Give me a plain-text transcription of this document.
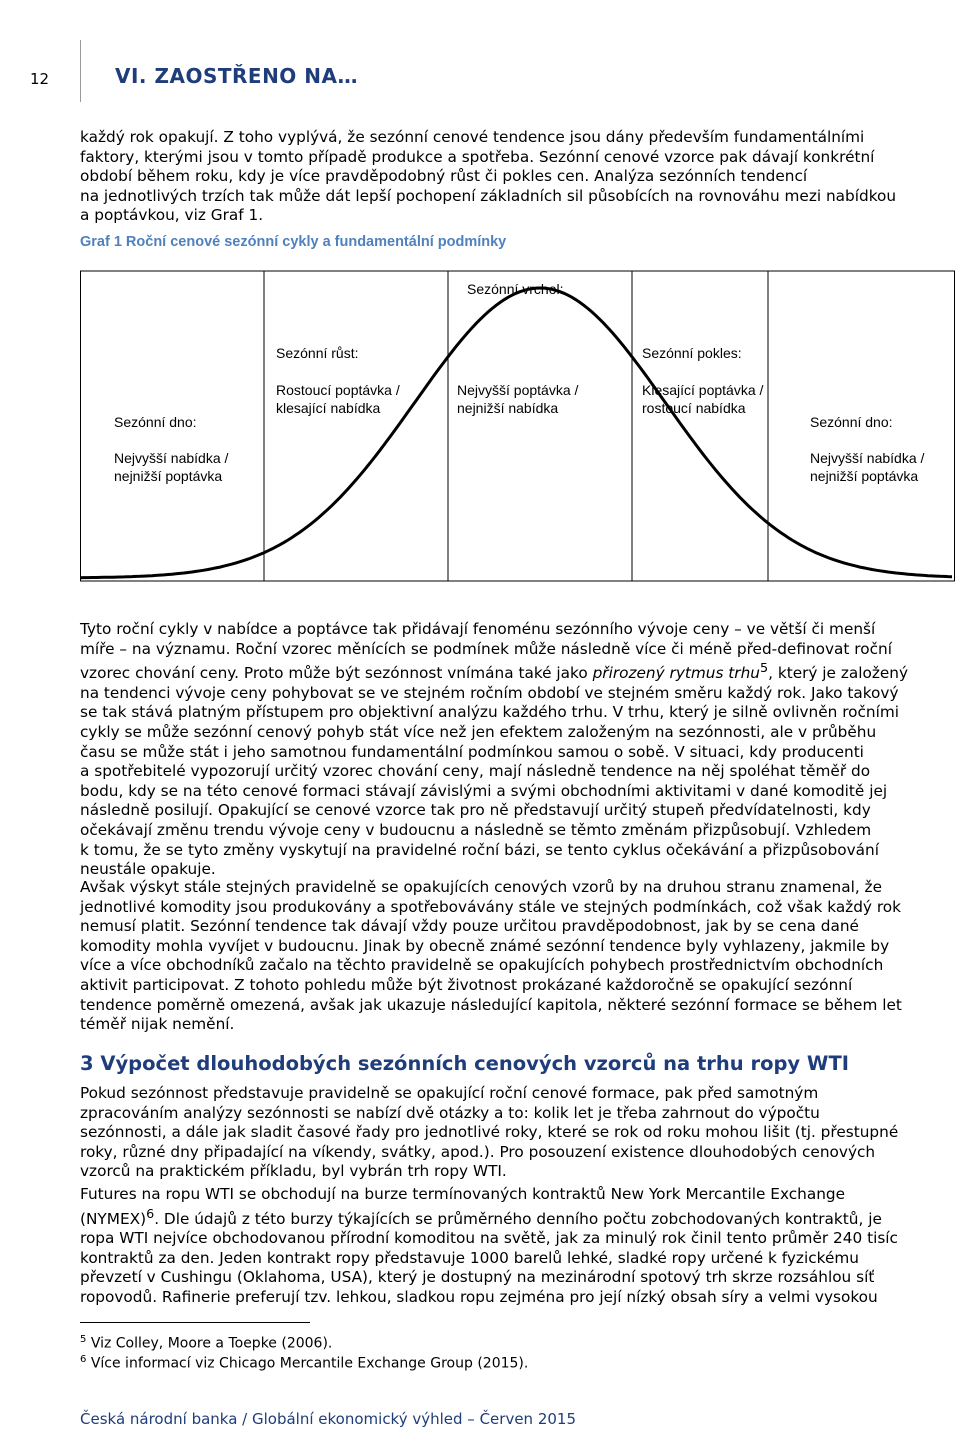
12	VI. ZAOSTŘENO NA…
každý rok opakují. Z toho vyplývá, že sezónní cenové tendence jsou dány především fundamentálními
faktory, kterými jsou v tomto případě produkce a spotřeba. Sezónní cenové vzorce pak dávají konkrétní
období během roku, kdy je více pravděpodobný růst či pokles cen. Analýza sezónních tendencí
na jednotlivých trzích tak může dát lepší pochopení základních sil působících na rovnováhu mezi nabídkou
a poptávkou, viz Graf 1.
Graf 1 Roční cenové sezónní cykly a fundamentální podmínky
Sezónní vrchol:
Sezónní růst:	Sezónní pokles:
Rostoucí poptávka /
klesající nabídka
Nejvyšší poptávka /
nejnižší nabídka
Klesající poptávka /
rostoucí nabídka
Sezónní dno:	Sezónní dno:
Nejvyšší nabídka /
nejnižší poptávka
Nejvyšší nabídka /
nejnižší poptávka
Tyto roční cykly v nabídce a poptávce tak přidávají fenoménu sezónního vývoje ceny – ve větší či menší
míře – na významu. Roční vzorec měnících se podmínek může následně více či méně před-definovat roční
vzorec chování ceny. Proto může být sezónnost vnímána také jako přirozený rytmus trhu$^5$, který je založený
na tendenci vývoje ceny pohybovat se ve stejném ročním období ve stejném směru každý rok. Jako takový
se tak stává platným přístupem pro objektivní analýzu každého trhu. V trhu, který je silně ovlivněn ročními
cykly se může sezónní cenový pohyb stát více než jen efektem založeným na sezónnosti, ale v průběhu
času se může stát i jeho samotnou fundamentální podmínkou samou o sobě. V situaci, kdy producenti
a spotřebitelé vypozorují určitý vzorec chování ceny, mají následně tendence na něj spoléhat těměř do
bodu, kdy se na této cenové formaci stávají závislými a svými obchodními aktivitami v dané komoditě jej
následně posilují. Opakující se cenové vzorce tak pro ně představují určitý stupeň předvídatelnosti, kdy
očekávají změnu trendu vývoje ceny v budoucnu a následně se těmto změnám přizpůsobují. Vzhledem
k tomu, že se tyto změny vyskytují na pravidelné roční bázi, se tento cyklus očekávání a přizpůsobování
neustále opakuje.
Avšak výskyt stále stejných pravidelně se opakujících cenových vzorů by na druhou stranu znamenal, že
jednotlivé komodity jsou produkovány a spotřebovávány stále ve stejných podmínkách, což však každý rok
nemusí platit. Sezónní tendence tak dávají vždy pouze určitou pravděpodobnost, jak by se cena dané
komodity mohla vyvíjet v budoucnu. Jinak by obecně známé sezónní tendence byly vyhlazeny, jakmile by
více a více obchodníků začalo na těchto pravidelně se opakujících pohybech prostřednictvím obchodních
aktivit participovat. Z tohoto pohledu může být životnost prokázané každoročně se opakující sezónní
tendence poměrně omezená, avšak jak ukazuje následující kapitola, některé sezónní formace se během let
téměř nijak nemění.
3 Výpočet dlouhodobých sezónních cenových vzorců na trhu ropy WTI
Pokud sezónnost představuje pravidelně se opakující roční cenové formace, pak před samotným
zpracováním analýzy sezónnosti se nabízí dvě otázky a to: kolik let je třeba zahrnout do výpočtu
sezónnosti, a dále jak sladit časové řady pro jednotlivé roky, které se rok od roku mohou lišit (tj. přestupné
roky, různé dny připadající na víkendy, svátky, apod.). Pro posouzení existence dlouhodobých cenových
vzorců na praktickém příkladu, byl vybrán trh ropy WTI.
Futures na ropu WTI se obchodují na burze termínovaných kontraktů New York Mercantile Exchange
(NYMEX)$^6$. Dle údajů z této burzy týkajících se průměrného denního počtu zobchodovaných kontraktů, je
ropa WTI nejvíce obchodovanou přírodní komoditou na světě, jak za minulý rok činil tento průměr 240 tisíc
kontraktů za den. Jeden kontrakt ropy představuje 1000 barelů lehké, sladké ropy určené k fyzickému
převzetí v Cushingu (Oklahoma, USA), který je dostupný na mezinárodní spotový trh skrze rozsáhlou síť
ropovodů. Rafinerie preferují tzv. lehkou, sladkou ropu zejména pro její nízký obsah síry a velmi vysokou
$^5$ Viz Colley, Moore a Toepke (2006).
$^6$ Více informací viz Chicago Mercantile Exchange Group (2015).
Česká národní banka / Globální ekonomický výhled – Červen 2015
